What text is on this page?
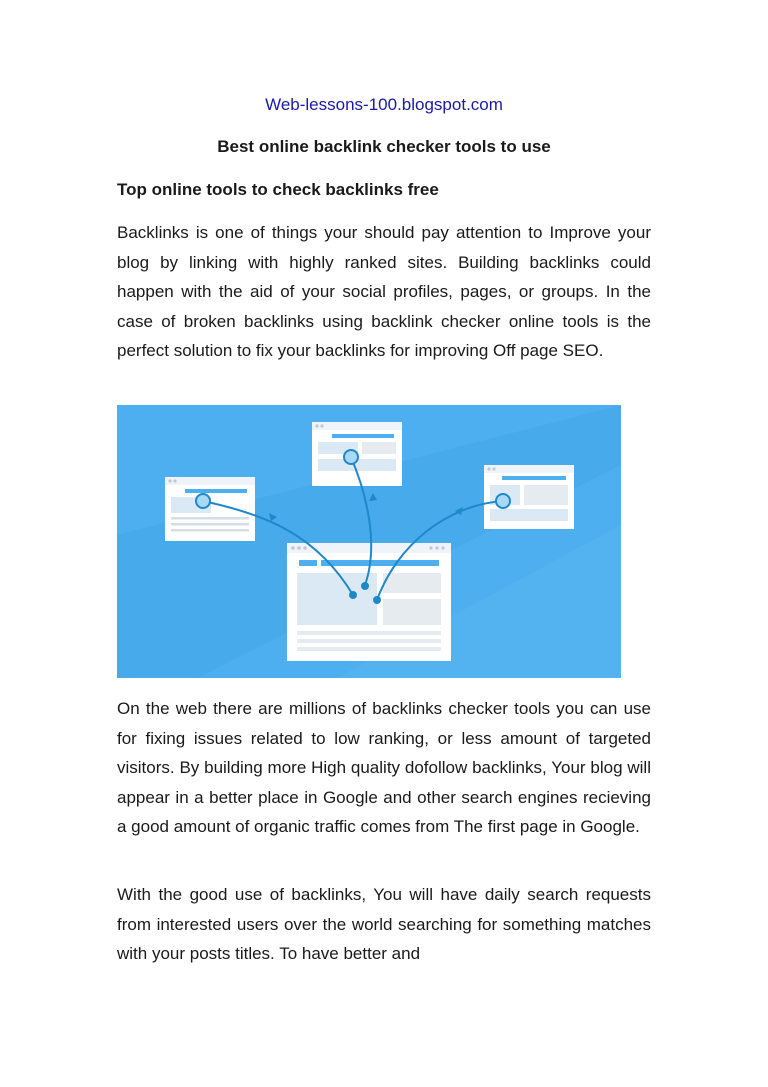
Web-lessons-100.blogspot.com
Best online backlink checker tools to use
Top online tools to check backlinks free

Backlinks is one of things your should pay attention to Improve your blog by linking with highly ranked sites. Building backlinks could happen with the aid of your social profiles, pages, or groups. In the case of broken backlinks using backlink checker online tools is the perfect solution to fix your backlinks for improving Off page SEO.

On the web there are millions of backlinks checker tools you can use for fixing issues related to low ranking, or less amount of targeted visitors. By building more High quality dofollow backlinks, Your blog will appear in a better place in Google and other search engines recieving a good amount of organic traffic comes from The first page in Google.

With the good use of backlinks, You will have daily search requests from interested users over the world searching for something matches with your posts titles. To have better and
